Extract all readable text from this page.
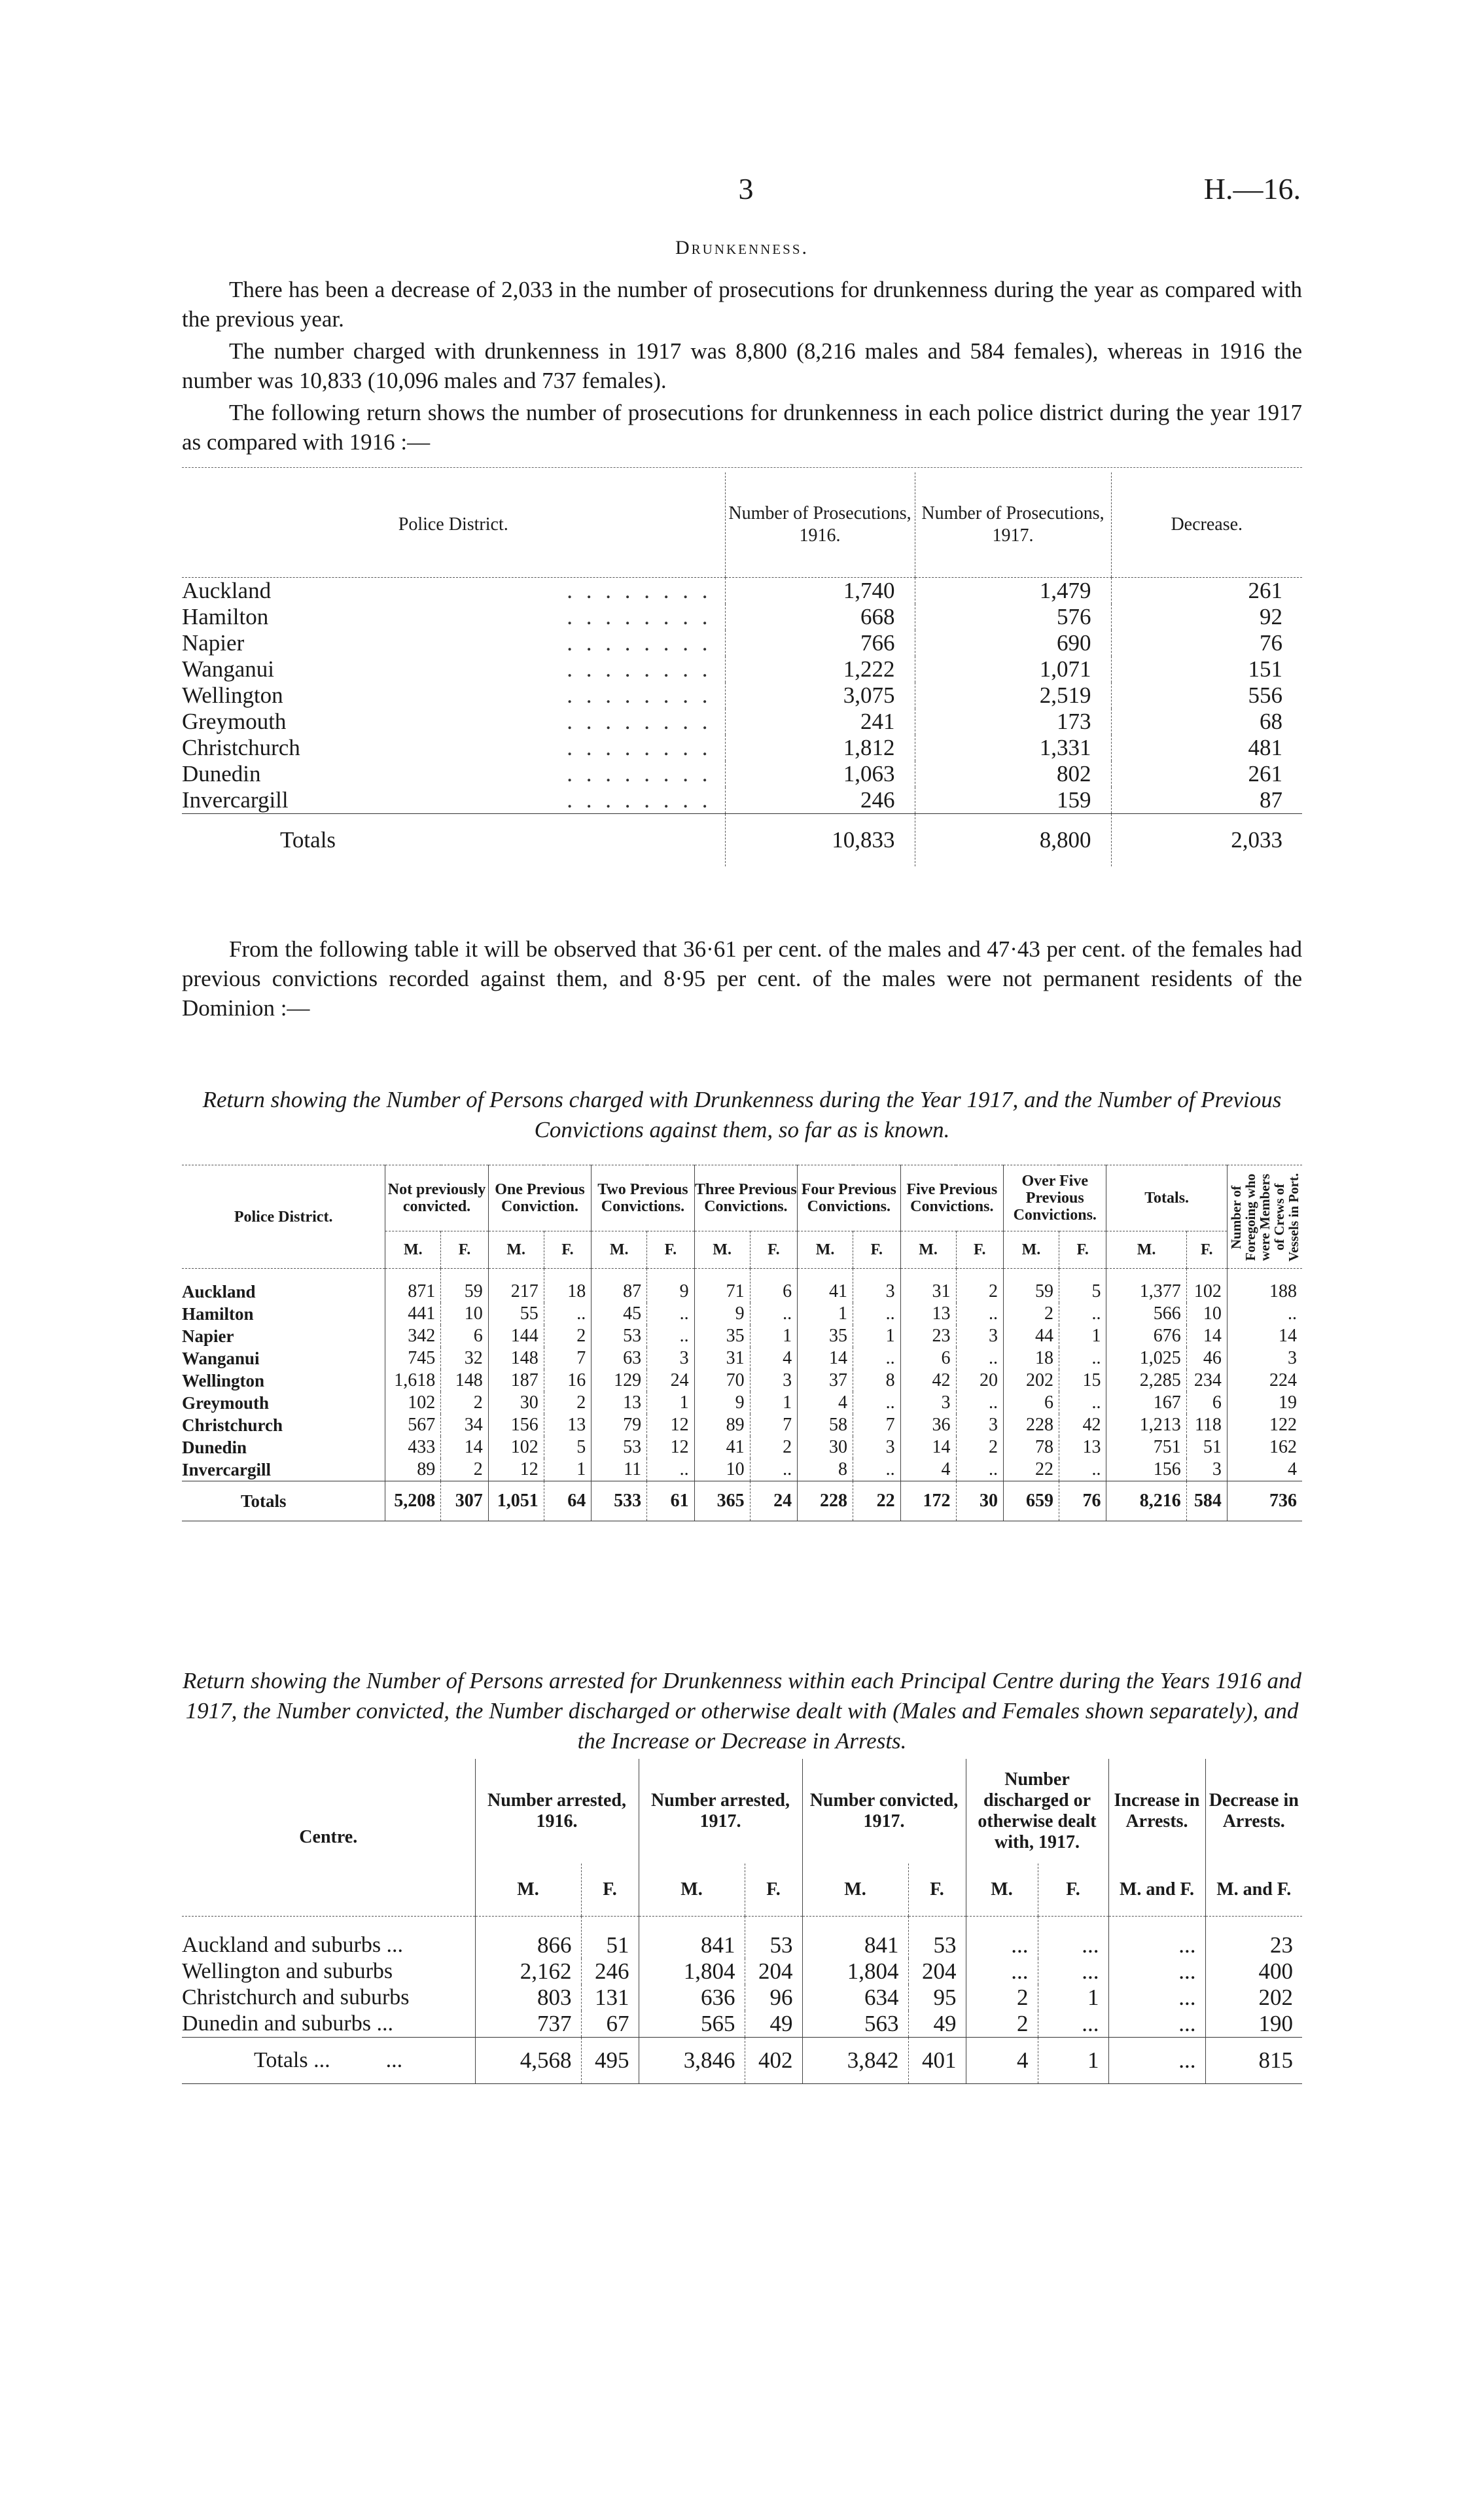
3	H.—16.
Drunkenness.

There has been a decrease of 2,033 in the number of prosecutions for drunkenness during the year as compared with the previous year.

The number charged with drunkenness in 1917 was 8,800 (8,216 males and 584 females), whereas in 1916 the number was 10,833 (10,096 males and 737 females).

The following return shows the number of prosecutions for drunkenness in each police district during the year 1917 as compared with 1916 :—

Police District.	Number of Prosecutions, 1916.	Number of Prosecutions, 1917.	Decrease.
Auckland . . . . . . . .	1,740	1,479	261
Hamilton . . . . . . . .	668	576	92
Napier . . . . . . . .	766	690	76
Wanganui . . . . . . . .	1,222	1,071	151
Wellington . . . . . . . .	3,075	2,519	556
Greymouth . . . . . . . .	241	173	68
Christchurch . . . . . . . .	1,812	1,331	481
Dunedin . . . . . . . .	1,063	802	261
Invercargill . . . . . . . .	246	159	87
Totals	10,833	8,800	2,033

From the following table it will be observed that 36·61 per cent. of the males and 47·43 per cent. of the females had previous convictions recorded against them, and 8·95 per cent. of the males were not permanent residents of the Dominion :—

Return showing the Number of Persons charged with Drunkenness during the Year 1917, and the Number of Previous Convictions against them, so far as is known.

Police District.	Not previously convicted.		One Previous Conviction.		Two Previous Convictions.		Three Previous Convictions.		Four Previous Convictions.		Five Previous Convictions.		Over Five Previous Convictions.		Totals.		Number of Foregoing who were Members of Crews of Vessels in Port.

	M.	F.	M.	F.	M.	F.	M.	F.	M.	F.	M.	F.	M.	F.	M.	F.	
Auckland	871	59	217	18	87	9	71	6	41	3	31	2	59	5	1,377	102	188
Hamilton	441	10	55	..	45	..	9	..	1	..	13	..	2	..	566	10	..
Napier	342	6	144	2	53	..	35	1	35	1	23	3	44	1	676	14	14
Wanganui	745	32	148	7	63	3	31	4	14	..	6	..	18	..	1,025	46	3
Wellington	1,618	148	187	16	129	24	70	3	37	8	42	20	202	15	2,285	234	224
Greymouth	102	2	30	2	13	1	9	1	4	..	3	..	6	..	167	6	19
Christchurch	567	34	156	13	79	12	89	7	58	7	36	3	228	42	1,213	118	122
Dunedin	433	14	102	5	53	12	41	2	30	3	14	2	78	13	751	51	162
Invercargill	89	2	12	1	11	..	10	..	8	..	4	..	22	..	156	3	4
Totals	5,208	307	1,051	64	533	61	365	24	228	22	172	30	659	76	8,216	584	736

Return showing the Number of Persons arrested for Drunkenness within each Principal Centre during the Years 1916 and 1917, the Number convicted, the Number discharged or otherwise dealt with (Males and Females shown separately), and the Increase or Decrease in Arrests.

Centre.	Number arrested, 1916.		Number arrested, 1917.		Number convicted, 1917.		Number discharged or otherwise dealt with, 1917.		Increase in Arrests.	Decrease in Arrests.
	M.	F.	M.	F.	M.	F.	M.	F.	M. and F.	M. and F.
Auckland and suburbs ...	866	51	841	53	841	53	...	...	...	23
Wellington and suburbs	2,162	246	1,804	204	1,804	204	...	...	...	400
Christchurch and suburbs	803	131	636	96	634	95	2	1	...	202
Dunedin and suburbs ...	737	67	565	49	563	49	2	...	...	190
Totals ...          ...	4,568	495	3,846	402	3,842	401	4	1	...	815
